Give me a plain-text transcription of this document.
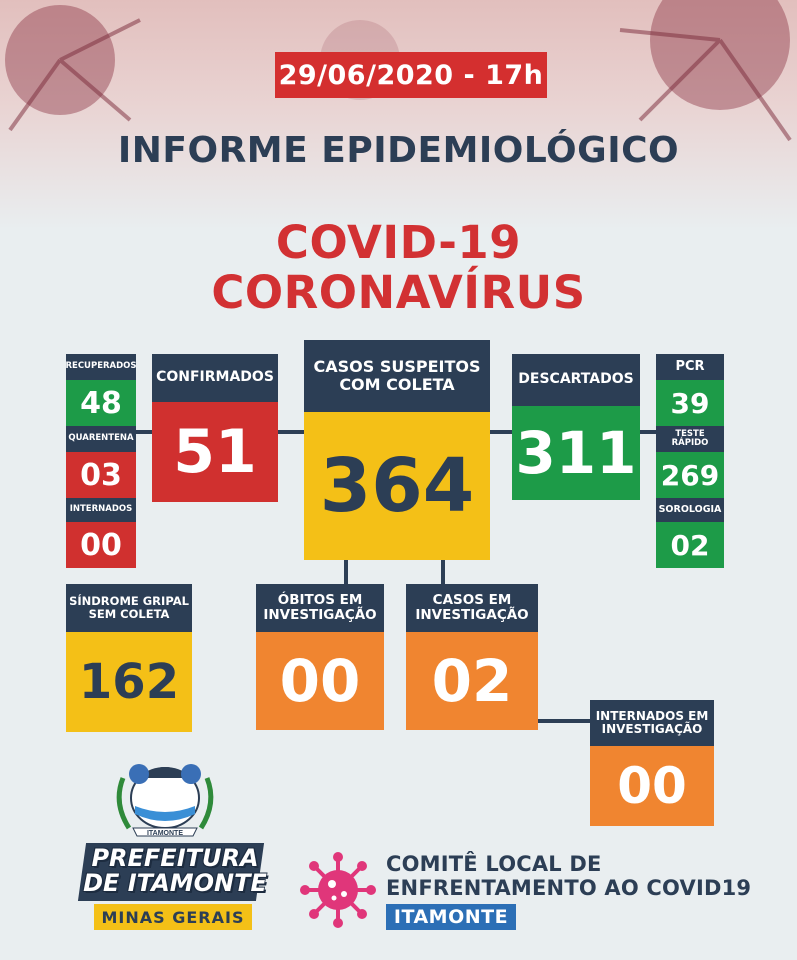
29/06/2020 - 17h
INFORME EPIDEMIOLÓGICO
COVID-19
CORONAVÍRUS
RECUPERADOS
48
QUARENTENA
03
INTERNADOS
00
CONFIRMADOS
51
CASOS SUSPEITOS
COM COLETA
364
DESCARTADOS
311
PCR
39
TESTE
RÁPIDO
269
SOROLOGIA
02
SÍNDROME GRIPAL
SEM COLETA
162
ÓBITOS EM
INVESTIGAÇÃO
00
CASOS EM
INVESTIGAÇÃO
02
INTERNADOS EM
INVESTIGAÇÃO
00
ITAMONTE
PREFEITURA
DE ITAMONTE
MINAS GERAIS
COMITÊ LOCAL DE
ENFRENTAMENTO AO COVID19
ITAMONTE
